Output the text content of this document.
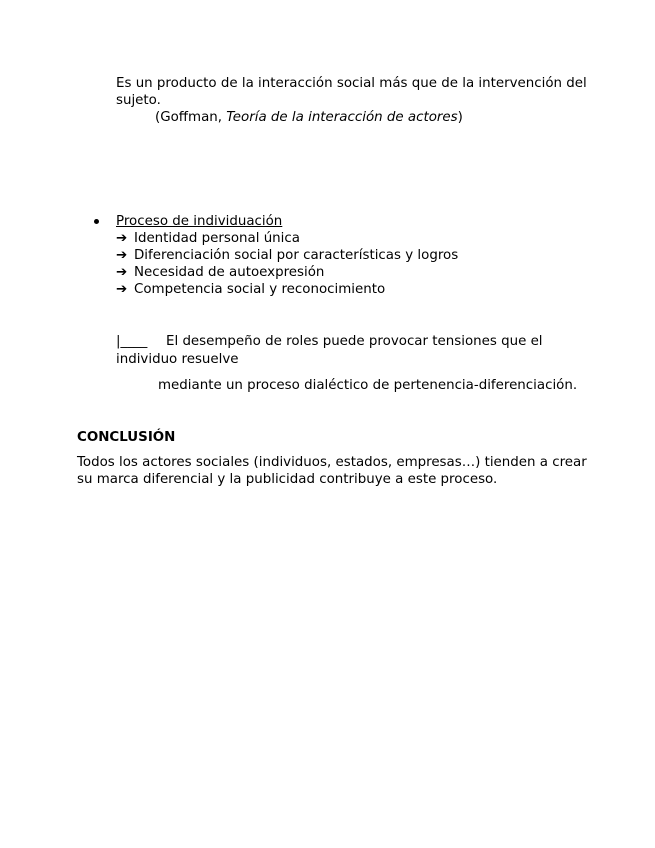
Es un producto de la interacción social más que de la intervención del
sujeto.
(Goffman, Teoría de la interacción de actores)
Proceso de individuación
➔ Identidad personal única
➔ Diferenciación social por características y logros
➔ Necesidad de autoexpresión
➔ Competencia social y reconocimiento
|____ El desempeño de roles puede provocar tensiones que el
individuo resuelve
mediante un proceso dialéctico de pertenencia-diferenciación.
CONCLUSIÓN
Todos los actores sociales (individuos, estados, empresas…) tienden a crear
su marca diferencial y la publicidad contribuye a este proceso.
